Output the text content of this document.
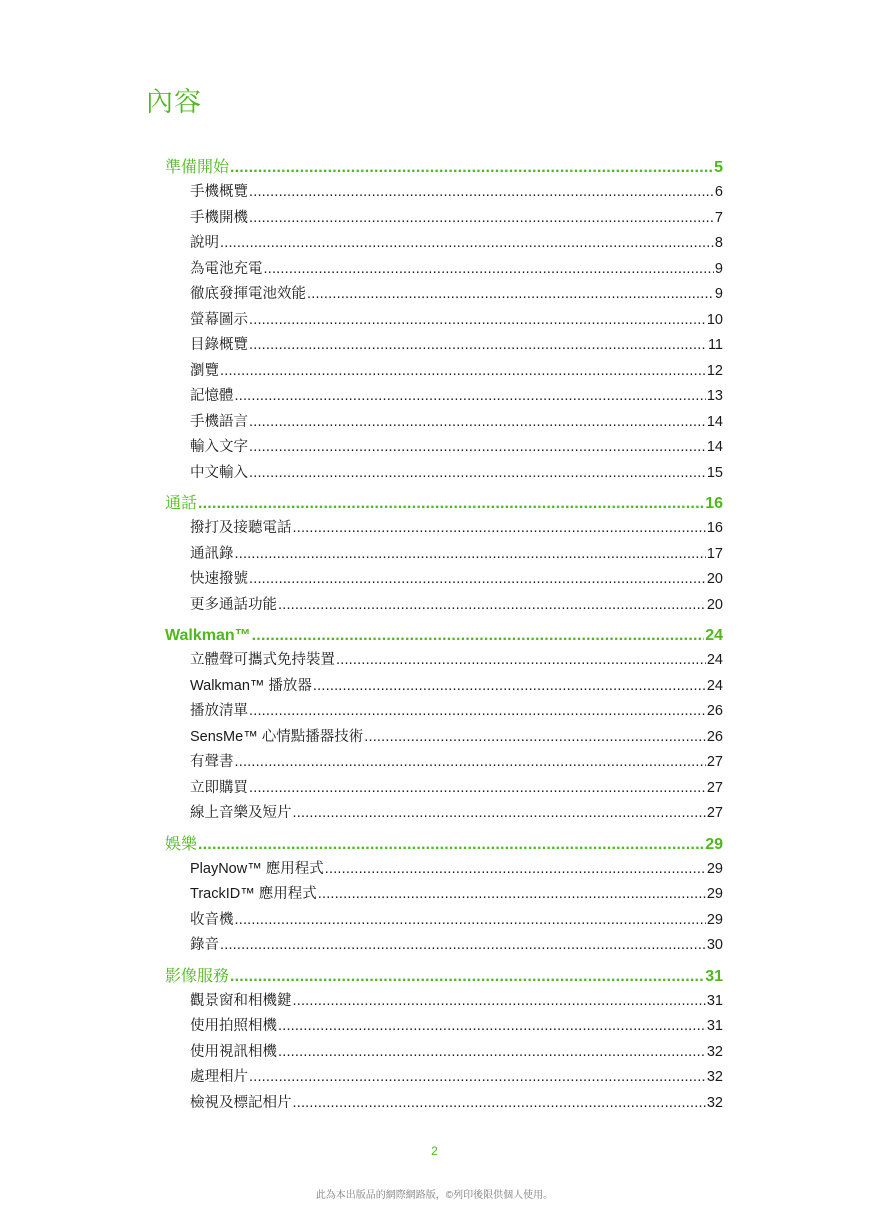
內容
準備開始 .....	5
手機概覽 .....	6
手機開機 .....	7
說明 .....	8
為電池充電 .....	9
徹底發揮電池效能 .....	9
螢幕圖示 .....	10
目錄概覽 .....	11
瀏覽 .....	12
記憶體 .....	13
手機語言 .....	14
輸入文字 .....	14
中文輸入 .....	15
通話 .....	16
撥打及接聽電話 .....	16
通訊錄 .....	17
快速撥號 .....	20
更多通話功能 .....	20
Walkman™ .....	24
立體聲可攜式免持裝置 .....	24
Walkman™ 播放器 .....	24
播放清單 .....	26
SensMe™ 心情點播器技術 .....	26
有聲書 .....	27
立即購買 .....	27
線上音樂及短片 .....	27
娛樂 .....	29
PlayNow™ 應用程式 .....	29
TrackID™ 應用程式 .....	29
收音機 .....	29
錄音 .....	30
影像服務 .....	31
觀景窗和相機鍵 .....	31
使用拍照相機 .....	31
使用視訊相機 .....	32
處理相片 .....	32
檢視及標記相片 .....	32
2
此為本出版品的網際網路版，©列印後限供個人使用。
